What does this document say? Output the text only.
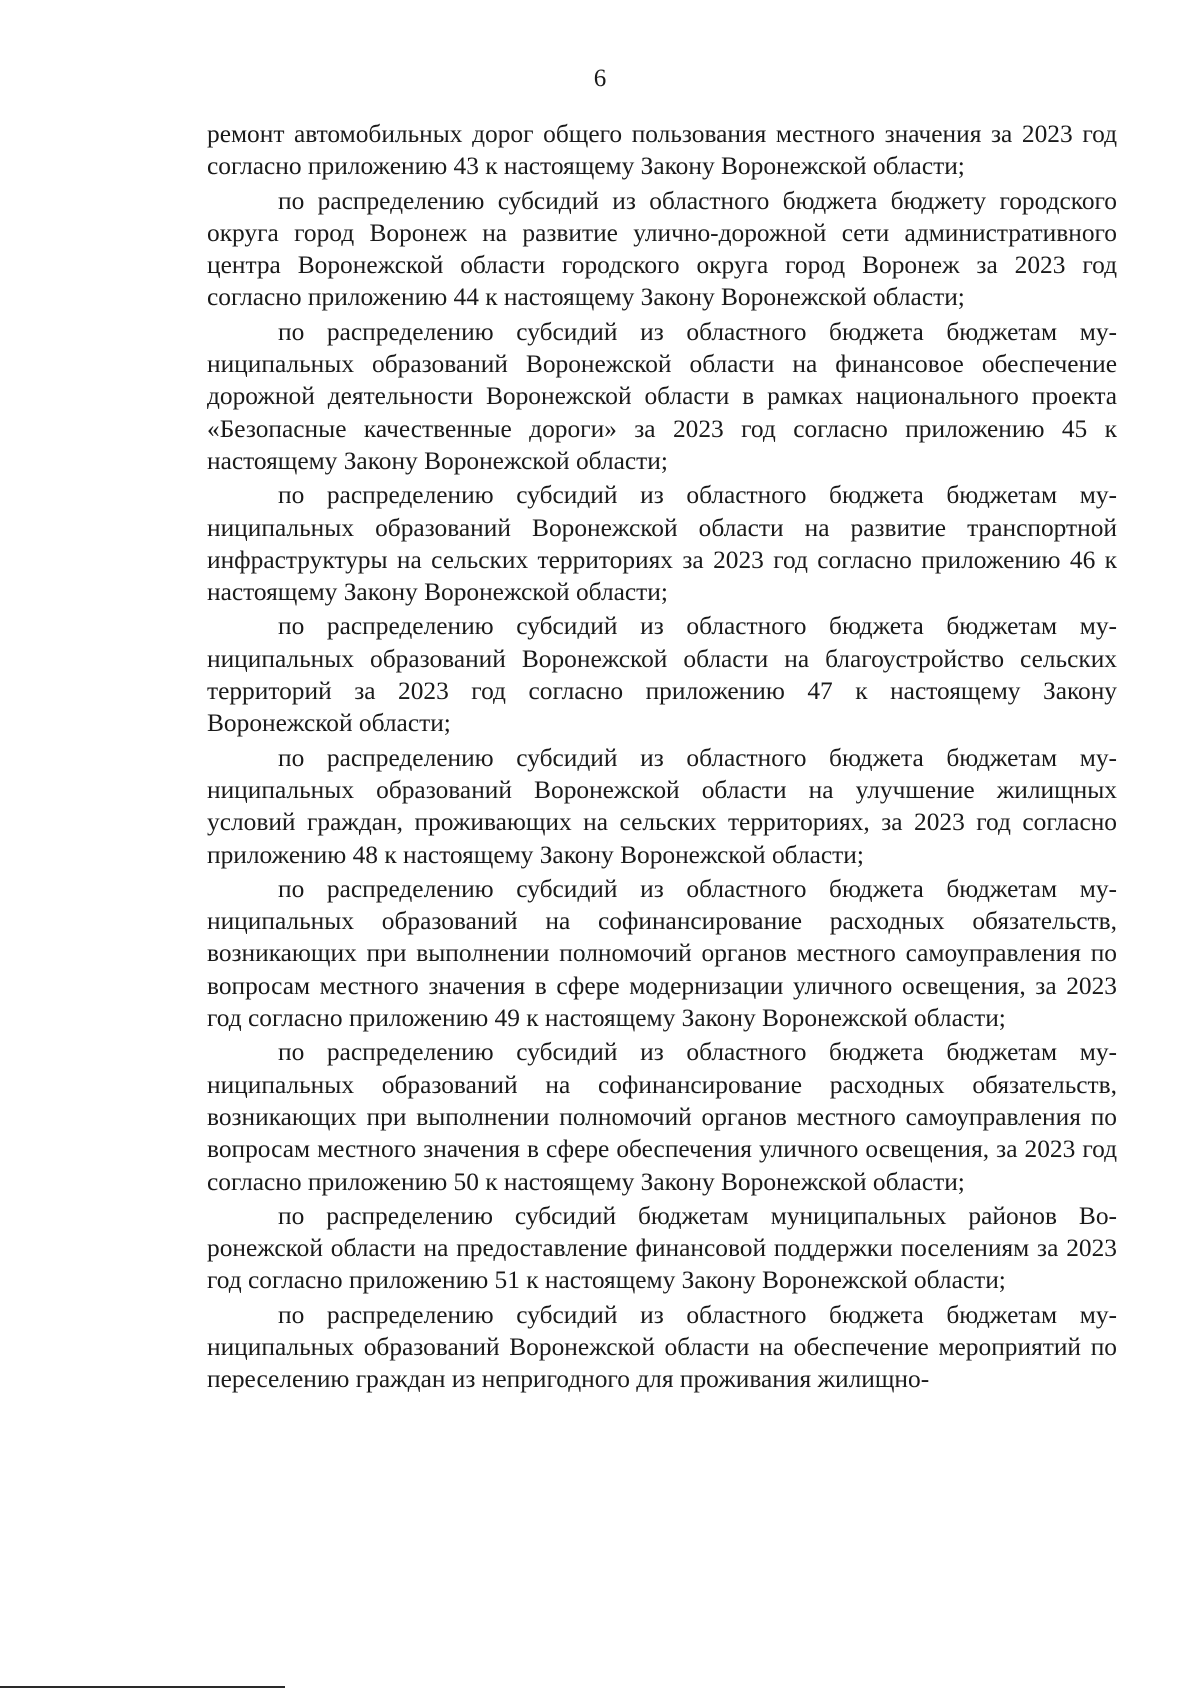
6

ремонт автомобильных дорог общего пользования местного значения за 2023 год согласно приложению 43 к настоящему Закону Воронежской области;

по распределению субсидий из областного бюджета бюджету городского округа город Воронеж на развитие улично-дорожной сети административного центра Воронежской области городского округа город Воронеж за 2023 год согласно приложению 44 к настоящему Закону Воронежской области;

по распределению субсидий из областного бюджета бюджетам муниципальных образований Воронежской области на финансовое обеспечение дорожной деятельности Воронежской области в рамках национального проекта «Безопасные качественные дороги» за 2023 год согласно приложению 45 к настоящему Закону Воронежской области;

по распределению субсидий из областного бюджета бюджетам муниципальных образований Воронежской области на развитие транспортной инфраструктуры на сельских территориях за 2023 год согласно приложению 46 к настоящему Закону Воронежской области;

по распределению субсидий из областного бюджета бюджетам муниципальных образований Воронежской области на благоустройство сельских территорий за 2023 год согласно приложению 47 к настоящему Закону Воронежской области;

по распределению субсидий из областного бюджета бюджетам муниципальных образований Воронежской области на улучшение жилищных условий граждан, проживающих на сельских территориях, за 2023 год согласно приложению 48 к настоящему Закону Воронежской области;

по распределению субсидий из областного бюджета бюджетам муниципальных образований на софинансирование расходных обязательств, возникающих при выполнении полномочий органов местного самоуправления по вопросам местного значения в сфере модернизации уличного освещения, за 2023 год согласно приложению 49 к настоящему Закону Воронежской области;

по распределению субсидий из областного бюджета бюджетам муниципальных образований на софинансирование расходных обязательств, возникающих при выполнении полномочий органов местного самоуправления по вопросам местного значения в сфере обеспечения уличного освещения, за 2023 год согласно приложению 50 к настоящему Закону Воронежской области;

по распределению субсидий бюджетам муниципальных районов Воронежской области на предоставление финансовой поддержки поселениям за 2023 год согласно приложению 51 к настоящему Закону Воронежской области;

по распределению субсидий из областного бюджета бюджетам муниципальных образований Воронежской области на обеспечение мероприятий по переселению граждан из непригодного для проживания жилищно-
